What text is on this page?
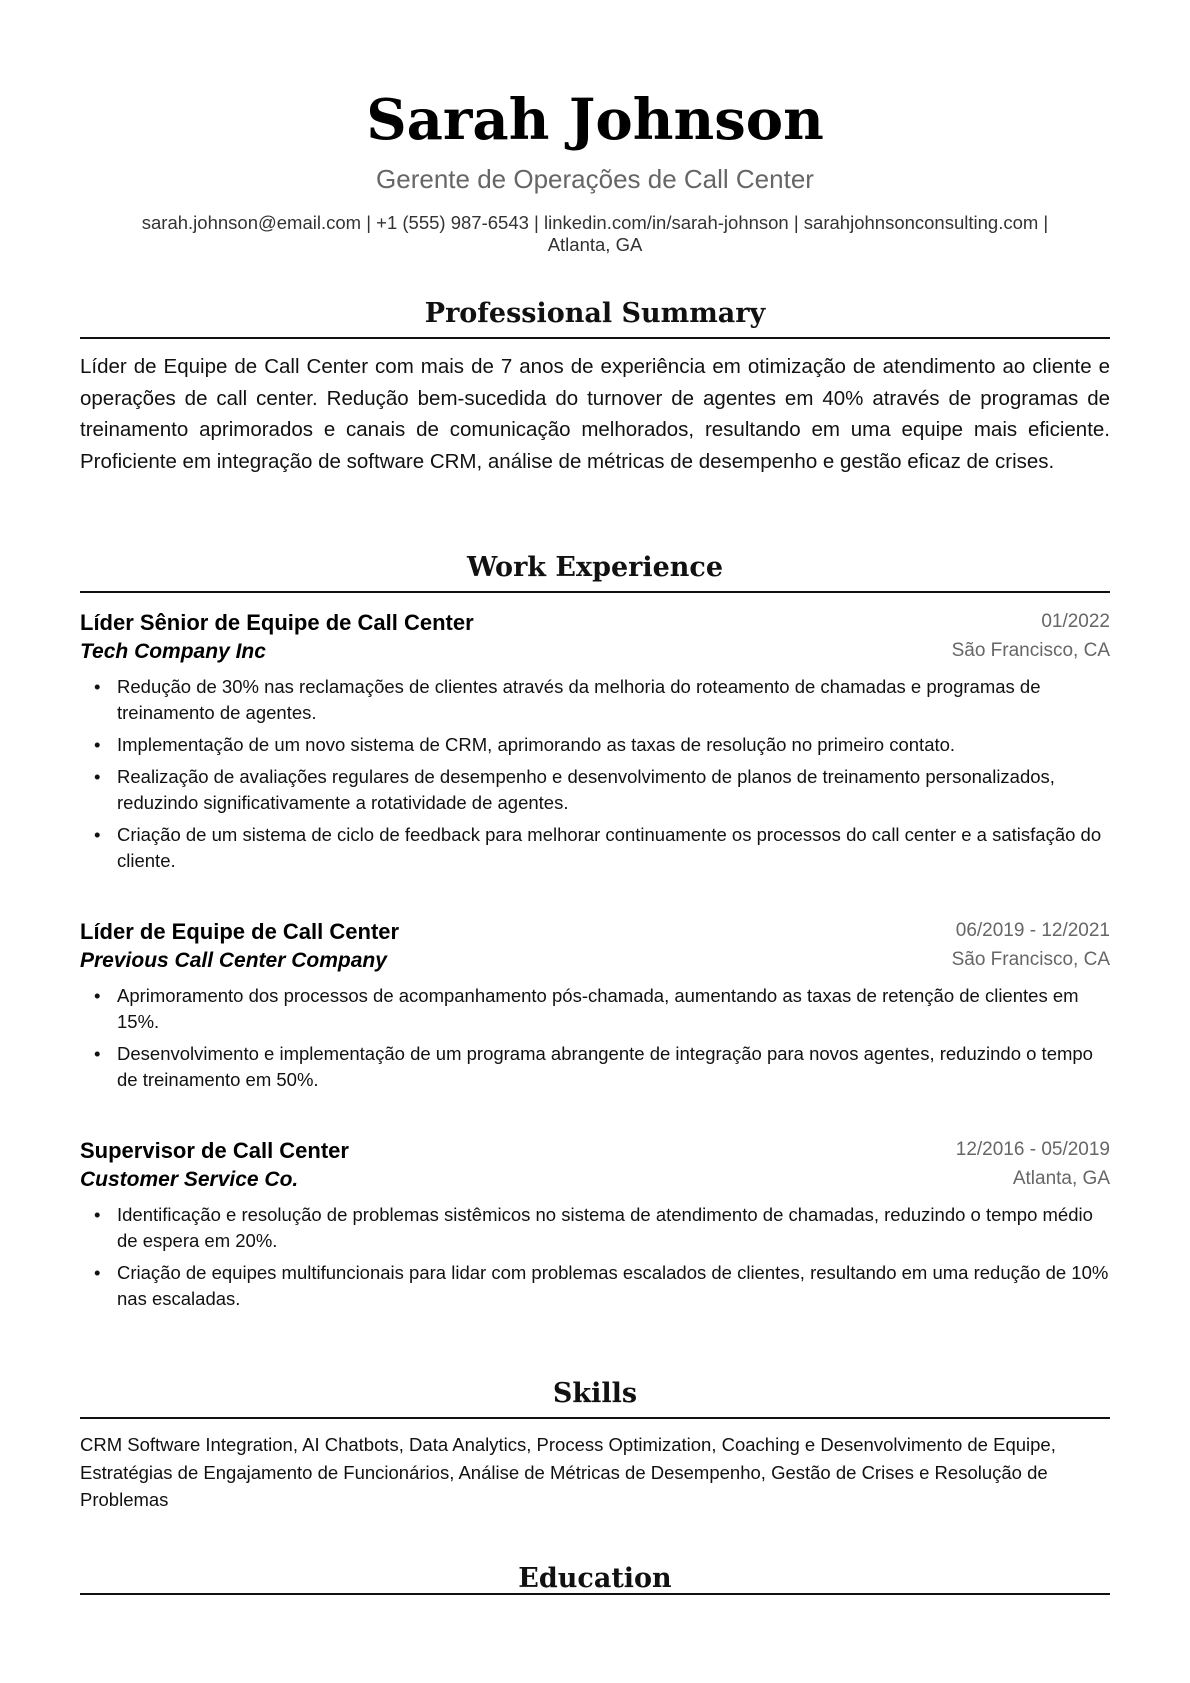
Sarah Johnson
Gerente de Operações de Call Center
sarah.johnson@email.com | +1 (555) 987-6543 | linkedin.com/in/sarah-johnson | sarahjohnsonconsulting.com |
Atlanta, GA
Professional Summary

Líder de Equipe de Call Center com mais de 7 anos de experiência em otimização de atendimento ao cliente e operações de call center. Redução bem-sucedida do turnover de agentes em 40% através de programas de treinamento aprimorados e canais de comunicação melhorados, resultando em uma equipe mais eficiente. Proficiente em integração de software CRM, análise de métricas de desempenho e gestão eficaz de crises.

Work Experience
Líder Sênior de Equipe de Call Center	01/2022
Tech Company Inc	São Francisco, CA
• Redução de 30% nas reclamações de clientes através da melhoria do roteamento de chamadas e programas de treinamento de agentes.
• Implementação de um novo sistema de CRM, aprimorando as taxas de resolução no primeiro contato.
• Realização de avaliações regulares de desempenho e desenvolvimento de planos de treinamento personalizados, reduzindo significativamente a rotatividade de agentes.
• Criação de um sistema de ciclo de feedback para melhorar continuamente os processos do call center e a satisfação do cliente.
Líder de Equipe de Call Center	06/2019 - 12/2021
Previous Call Center Company	São Francisco, CA
• Aprimoramento dos processos de acompanhamento pós-chamada, aumentando as taxas de retenção de clientes em 15%.
• Desenvolvimento e implementação de um programa abrangente de integração para novos agentes, reduzindo o tempo de treinamento em 50%.
Supervisor de Call Center	12/2016 - 05/2019
Customer Service Co.	Atlanta, GA
• Identificação e resolução de problemas sistêmicos no sistema de atendimento de chamadas, reduzindo o tempo médio de espera em 20%.
• Criação de equipes multifuncionais para lidar com problemas escalados de clientes, resultando em uma redução de 10% nas escaladas.
Skills

CRM Software Integration, AI Chatbots, Data Analytics, Process Optimization, Coaching e Desenvolvimento de Equipe, Estratégias de Engajamento de Funcionários, Análise de Métricas de Desempenho, Gestão de Crises e Resolução de Problemas

Education
